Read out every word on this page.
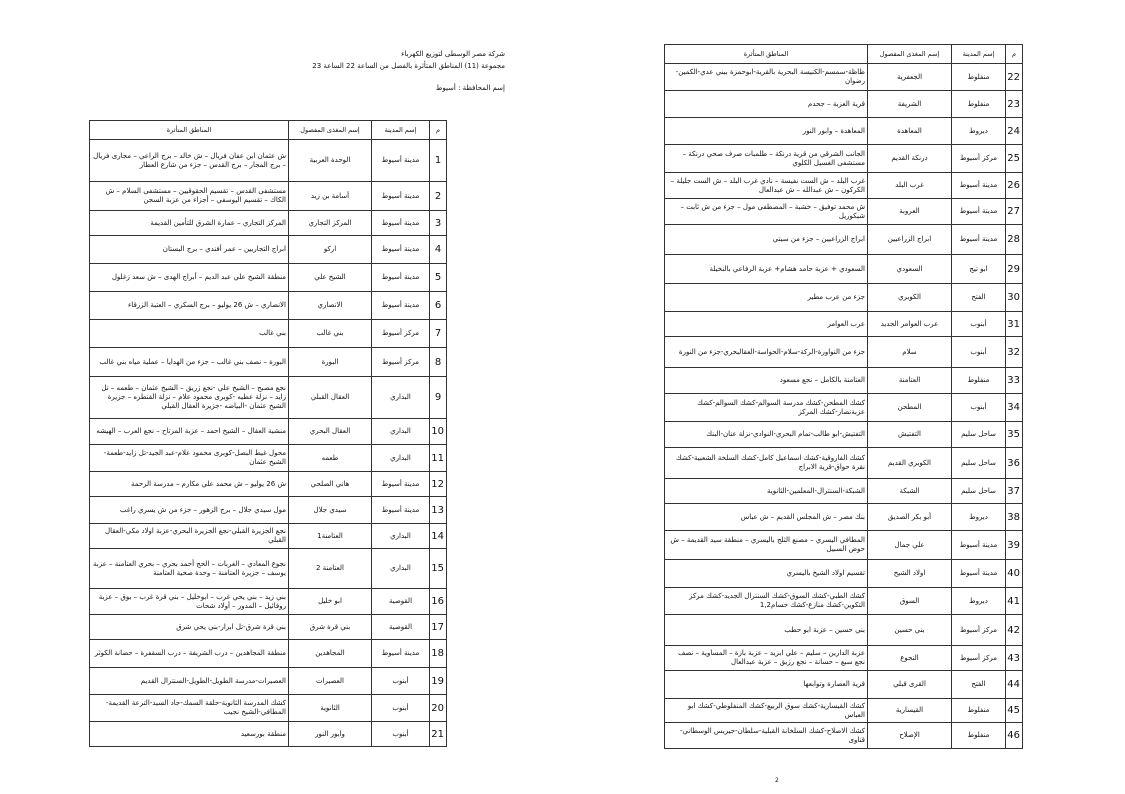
شركة مصر الوسطى لتوزيع الكهرباء
مجموعة (11) المناطق المتأثرة بالفصل من الساعة 22 الساعة 23
إسم المحافظة : أسيوط
م	إسم المدينة	إسم المغذى المفصول	المناطق المتأثرة
1	مدينة أسيوط	الوحدة العربية	ش عثمان ابن عفان فريال – ش خالد – برج الراعي – مجارى فريال – برج المجار – برج القدس – جزء من شارع العطار
2	مدينة أسيوط	أسامة بن زيد	مستشفى القدس – تقسيم الحقوقيين – مستشفى السلام – ش الكاك – تقسيم اليوسفي – أجزاء من عزبة السجن
3	مدينة أسيوط	المركز التجاري	المركز التجاري – عمارة الشرق للتأمين القديمة
4	مدينة أسيوط	اركو	ابراج التجاريين – عمر أفندي – برج البستان
5	مدينة أسيوط	الشيخ علي	منطقة الشيخ علي عبد الديم – أبراج الهدى – ش سعد زغلول
6	مدينة أسيوط	الانصاري	الانصاري – ش 26 يوليو – برج السكري – العتبة الزرقاء
7	مركز أسيوط	بني غالب	بني غالب
8	مركز أسيوط	البورة	البورة – نصف بني غالب – جزء من الهدايا – عملية مياه بني غالب
9	البداري	العقال القبلي	نجع مصبح – الشيخ علي -نجع زريق – الشيخ عثمان – طعمه – تل زايد – نزلة عطيه -كوبرى محمود علام – نزلة القنطره – جزيرة الشيخ عثمان -البياضه -جزيرة العقال القبلي
10	البداري	العقال البحري	منشية العقال – الشيخ احمد – عزبة المرتاح – نجع العرب – الهيشه
11	البداري	طعمه	محول غيط البصل-كوبرى محمود علام-عبد الجيد-تل زايد-طعمة-الشيخ عثمان
12	مدينة أسيوط	هاني الصلحي	ش 26 يوليو – ش محمد علي مكارم – مدرسة الرحمة
13	مدينة أسيوط	سيدي جلال	مول سيدي جلال – برج الزهور – جزء من ش يسري راغب
14	البداري	العتامنة1	نجع الجزيرة القبلي-نجع الجزيرة البحري-عزبة اولاد مكي-العقال القبلي
15	البداري	العتامنة 2	نجوع المعادي – الغربات – الحج أحمد بحري – بحري العتامنة – عزبة يوسف – جزيرة العتامنة – وحدة صحية العتامنة
16	القوصية	ابو خليل	بني زيد – بني يحي غرب – ابوخليل – بني قرة غرب – بوق – عزبة روفائيل – المدور – أولاد شحات
17	القوصية	بني قرة شرق	بني قرة شرق-تل ابرار-بني يحي شرق
18	مدينة أسيوط	المجاهدين	منطقة المجاهدين – درب الشريفة – درب السقفرة – حضانة الكوثر
19	أبنوب	العصيرات	العصيرات-مدرسة الطويل-الطويل-السنترال القديم
20	أبنوب	الثانوية	كشك المدرسة الثانوية-حلقة السمك-جاد السيد-الترعة القديمة-المطافي-الشيخ نجيب
21	أبنوب	وابور النور	منطقة بورسعيد
م	إسم المدينة	إسم المغذى المفصول	المناطق المتأثرة
22	منفلوط	الجعفرية	ظاظة-سمسم-الكنيسة البحرية بالقرية-ابوحمزة ببني عدي-الكمين-رضوان
23	منفلوط	الشريفة	قرية العزبة – جحدم
24	ديروط	المعاهدة	المعاهدة – وابور النور
25	مركز أسيوط	درنكة القديم	الجانب الشرقي من قرية درنكة – طلمبات صرف صحي درنكة – مستشفى الغسيل الكلوي
26	مدينة أسيوط	غرب البلد	غرب البلد – ش الست نفيسة – نادي غرب البلد – ش الست جليلة – الكركون – ش عبدالله – ش عبدالعال
27	مدينة أسيوط	العروبة	ش محمد توفيق – خشبة – المصطفى مول – جزء من ش ثابت – شيكوريل
28	مدينة أسيوط	ابراج الزراعيين	ابراج الزراعيين – جزء من سيتي
29	ابو تيج	السعودي	السعودي + عزبة حامد هشام+ عزبة الرفاعي بالنخيلة
30	الفتح	الكوبري	جزء من عرب مطير
31	أبنوب	عرب العوامر الجديد	عرب العوامر
32	أبنوب	سلام	جزء من النواورة-الركة-سلام-الحواسة-العقالبحري-جزء من النورة
33	منفلوط	العتامنة	العتامنة بالكامل – نجع مسعود
34	أبنوب	المطحن	كشك المطحن-كشك مدرسة السوالم-كشك السوالم-كشك عزبةنصار-كشك المركز
35	ساحل سليم	التفتيش	التفتيش-ابو طالب-تمام البحري-النوادي-نزلة عنان-البنك
36	ساحل سليم	الكوبري القديم	كشك الفاروقية-كشك اسماعيل كامل-كشك السلخة الشعبية-كشك نقرة حواق-قرية الابراج
37	ساحل سليم	الشبكة	الشبكة-السنترال-المعلمين-الثانوية
38	ديروط	أبو بكر الصديق	بنك مصر – ش المجلس القديم – ش عباس
39	مدينة أسيوط	علي جمال	المطافي اليسري – مصنع الثلج باليسري – منطقة سيد القديمة – ش حوض السبيل
40	مدينة أسيوط	اولاد الشيخ	تقسيم اولاد الشيخ باليسري
41	ديروط	السوق	كشك الطبي-كشك السوق-كشك السنترال الجديد-كشك مركز التكوين-كشك منازع-كشك حسام1,2
42	مركز أسيوط	بني حسين	بني حسين – عزبة ابو حطب
43	مركز أسيوط	النجوع	عزبة الدارين – سليم – علي ابزيد – عزبة بازة – المساوية – نصف نجع سبع – حسانة – نجع رزيق – عزبة عبدالعال
44	الفتح	القرى قبلي	قرية العصارة وتوابعها
45	منفلوط	القيسارية	كشك القيسارية-كشك سوق الربيع-كشك المنفلوطي-كشك ابو العباس
46	منفلوط	الإصلاح	كشك الاصلاح-كشك السلخانة القبلية-سلطان-جيريس الوسطاني-قناوى
2
